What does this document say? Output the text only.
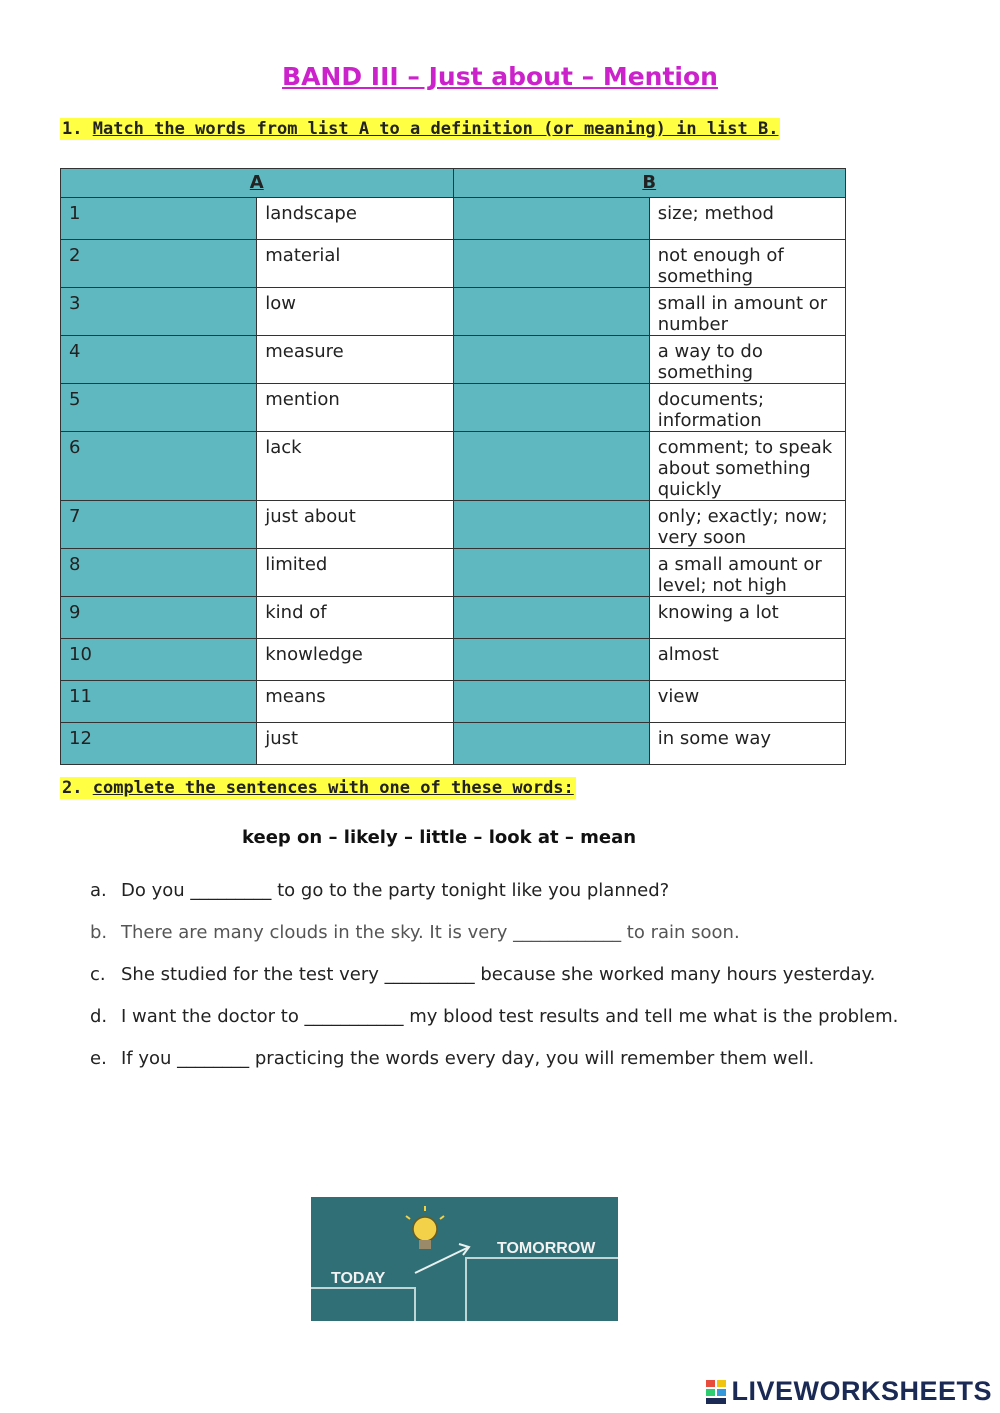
BAND III – Just about – Mention
1. Match the words from list A to a definition (or meaning) in list B.
A		B	
1	landscape		size; method
2	material		not enough of something
3	low		small in amount or number
4	measure		a way to do something
5	mention		documents; information
6	lack		comment; to speak about something quickly
7	just about		only; exactly; now; very soon
8	limited		a small amount or level; not high
9	kind of		knowing a lot
10	knowledge		almost
11	means		view
12	just		in some way
2. complete the sentences with one of these words:
keep on – likely – little – look at – mean
a. Do you _________ to go to the party tonight like you planned?
b. There are many clouds in the sky. It is very ____________ to rain soon.
c. She studied for the test very __________ because she worked many hours yesterday.
d. I want the doctor to ___________ my blood test results and tell me what is the problem.
e. If you ________ practicing the words every day, you will remember them well.
TODAY
TOMORROW
LIVEWORKSHEETS
